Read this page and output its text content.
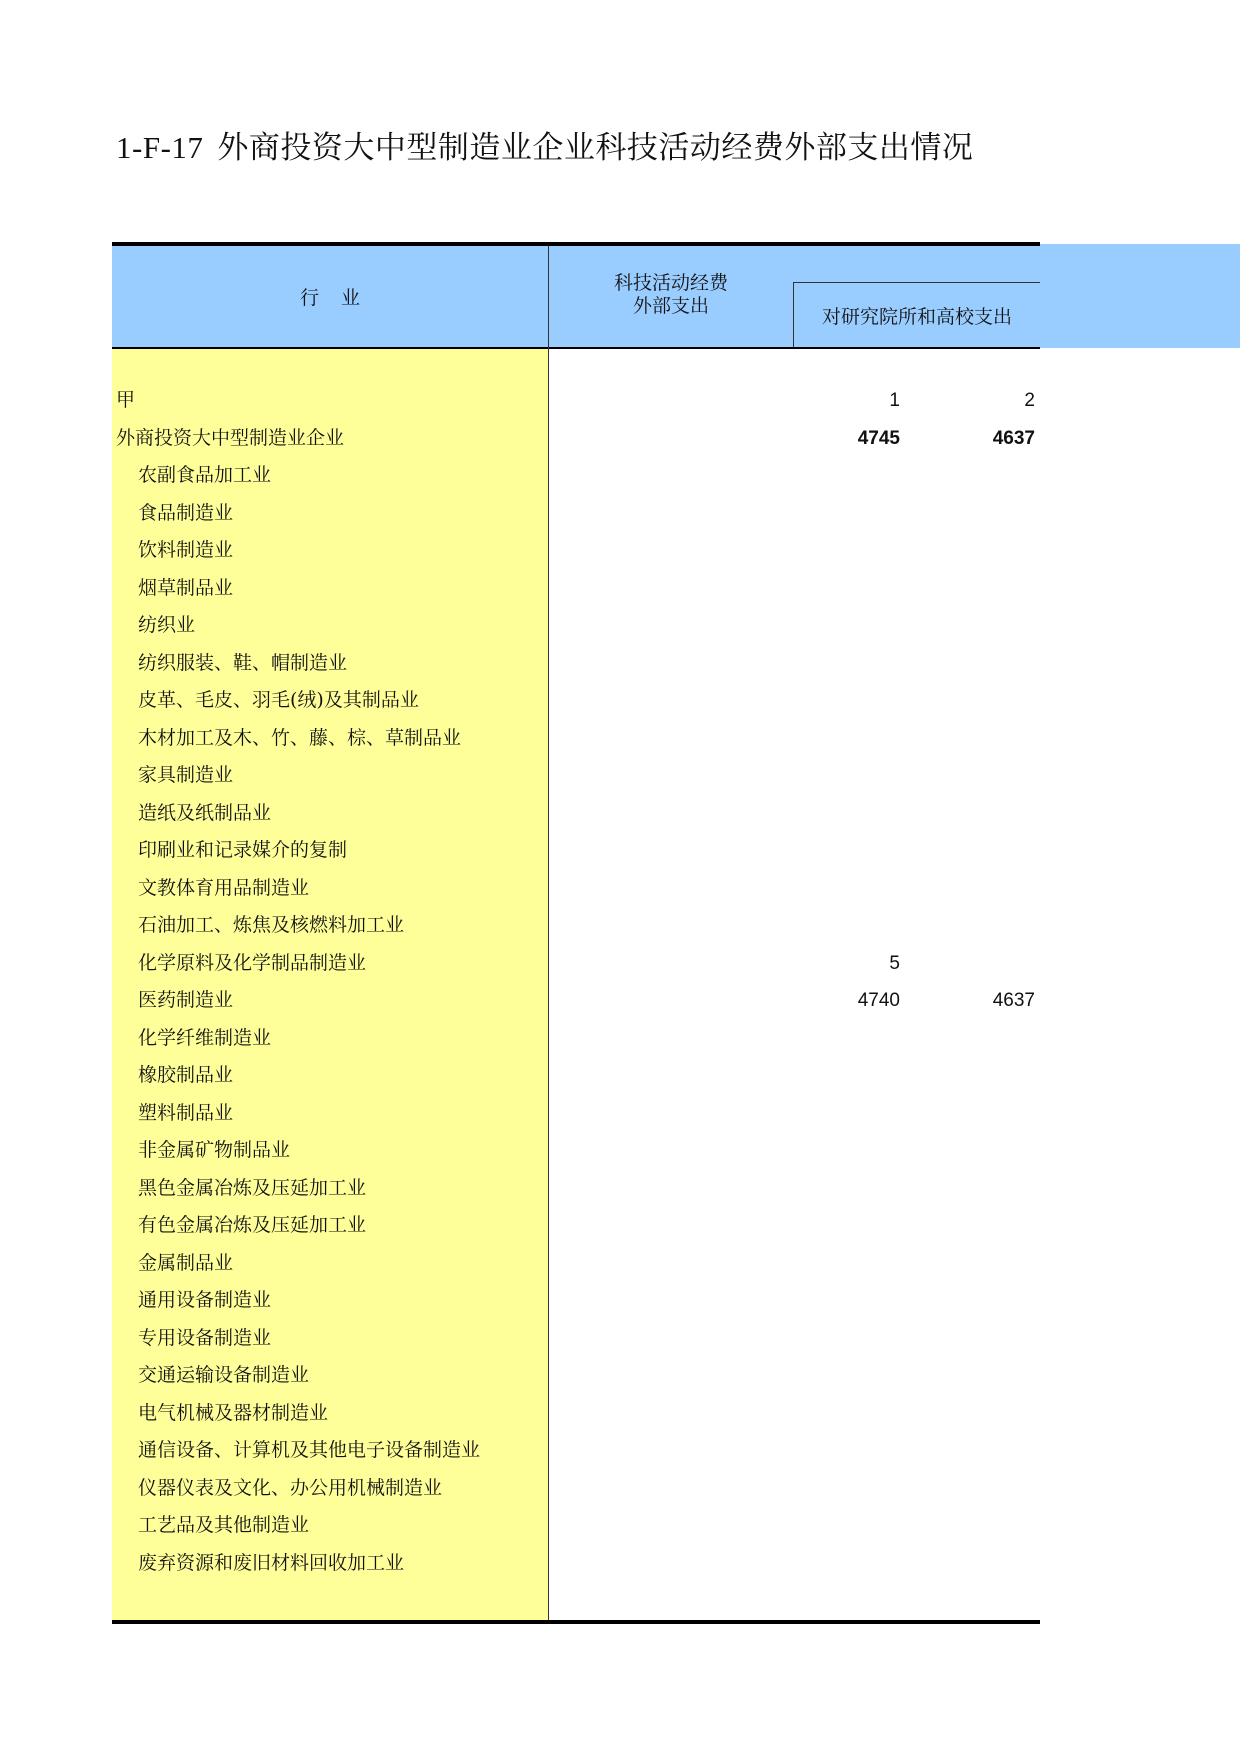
1-F-17 外商投资大中型制造业企业科技活动经费外部支出情况
行业
科技活动经费
外部支出	对研究院所和高校支出
甲	1	2
外商投资大中型制造业企业	4745	4637
农副食品加工业
食品制造业
饮料制造业
烟草制品业
纺织业
纺织服装、鞋、帽制造业
皮革、毛皮、羽毛(绒)及其制品业
木材加工及木、竹、藤、棕、草制品业
家具制造业
造纸及纸制品业
印刷业和记录媒介的复制
文教体育用品制造业
石油加工、炼焦及核燃料加工业
化学原料及化学制品制造业	5
医药制造业	4740	4637
化学纤维制造业
橡胶制品业
塑料制品业
非金属矿物制品业
黑色金属冶炼及压延加工业
有色金属冶炼及压延加工业
金属制品业
通用设备制造业
专用设备制造业
交通运输设备制造业
电气机械及器材制造业
通信设备、计算机及其他电子设备制造业
仪器仪表及文化、办公用机械制造业
工艺品及其他制造业
废弃资源和废旧材料回收加工业
